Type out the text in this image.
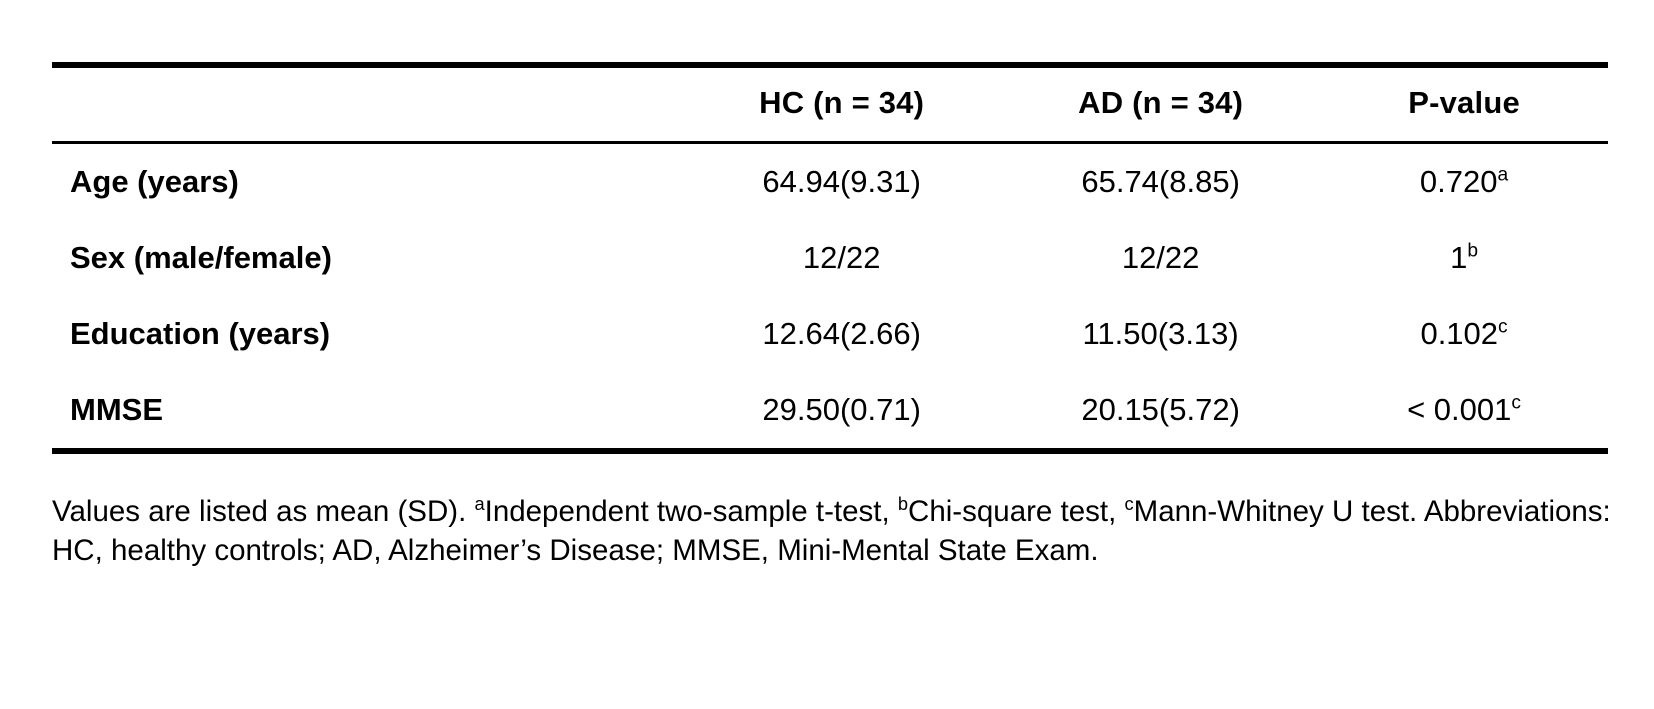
	HC (n = 34)	AD (n = 34)	P-value
Age (years)	64.94(9.31)	65.74(8.85)	0.720$^a$
Sex (male/female)	12/22	12/22	1$^b$
Education (years)	12.64(2.66)	11.50(3.13)	0.102$^c$
MMSE	29.50(0.71)	20.15(5.72)	< 0.001$^c$
Values are listed as mean (SD). $^a$Independent two-sample t-test, $^b$Chi-square test, $^c$Mann-Whitney U test. Abbreviations: HC, healthy controls; AD, Alzheimer’s Disease; MMSE, Mini-Mental State Exam.
